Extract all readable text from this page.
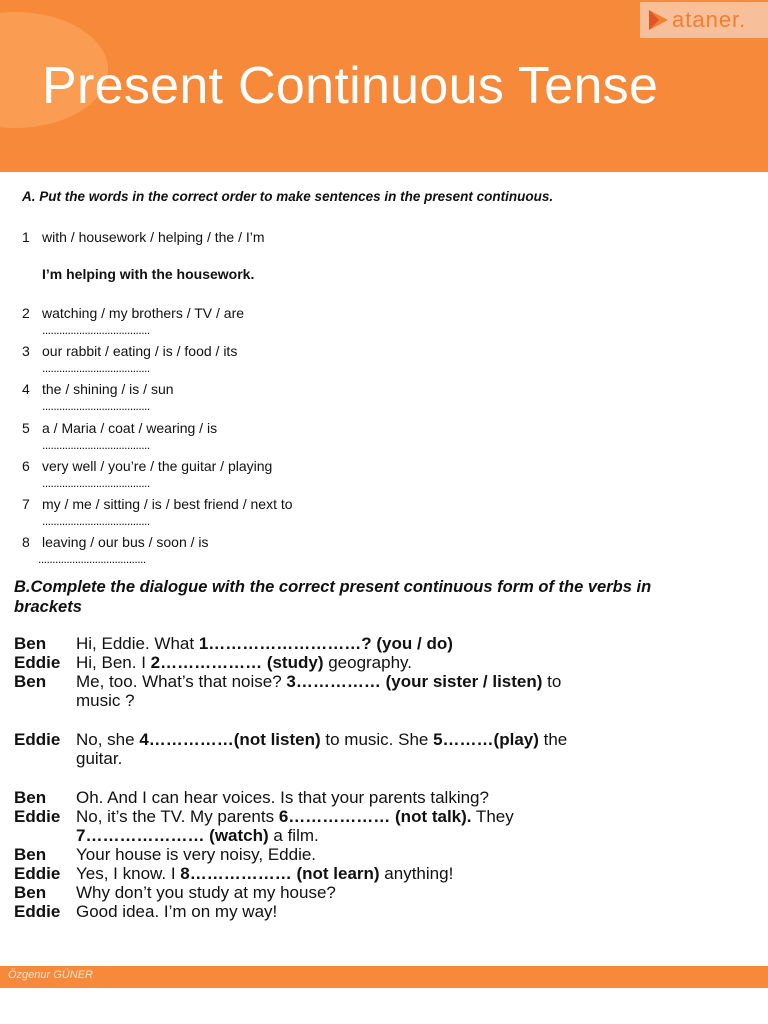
Present Continuous Tense
ataner.
A. Put the words in the correct order to make sentences in the present continuous.
1 with / housework / helping / the / I’m
2 watching / my brothers / TV / are
......................................
3 our rabbit / eating / is / food / its
......................................
4 the / shining / is / sun
......................................
5 a / Maria / coat / wearing / is
......................................
6 very well / you’re / the guitar / playing
......................................
7 my / me / sitting / is / best friend / next to
......................................
8 leaving / our bus / soon / is
......................................
I’m helping with the housework.
B.Complete the dialogue with the correct present continuous form of the verbs in brackets
Ben Hi, Eddie. What 1………………………? (you / do)
Eddie Hi, Ben. I 2……………… (study) geography.
Ben Me, too. What’s that noise? 3…………… (your sister / listen) to
music ?
Eddie No, she 4……………(not listen) to music. She 5………(play) the
guitar.
Ben Oh. And I can hear voices. Is that your parents talking?
Eddie No, it’s the TV. My parents 6……………… (not talk). They
7………………… (watch) a film.
Ben Your house is very noisy, Eddie.
Eddie Yes, I know. I 8……………… (not learn) anything!
Ben Why don’t you study at my house?
Eddie Good idea. I’m on my way!
Özgenur GÜNER
